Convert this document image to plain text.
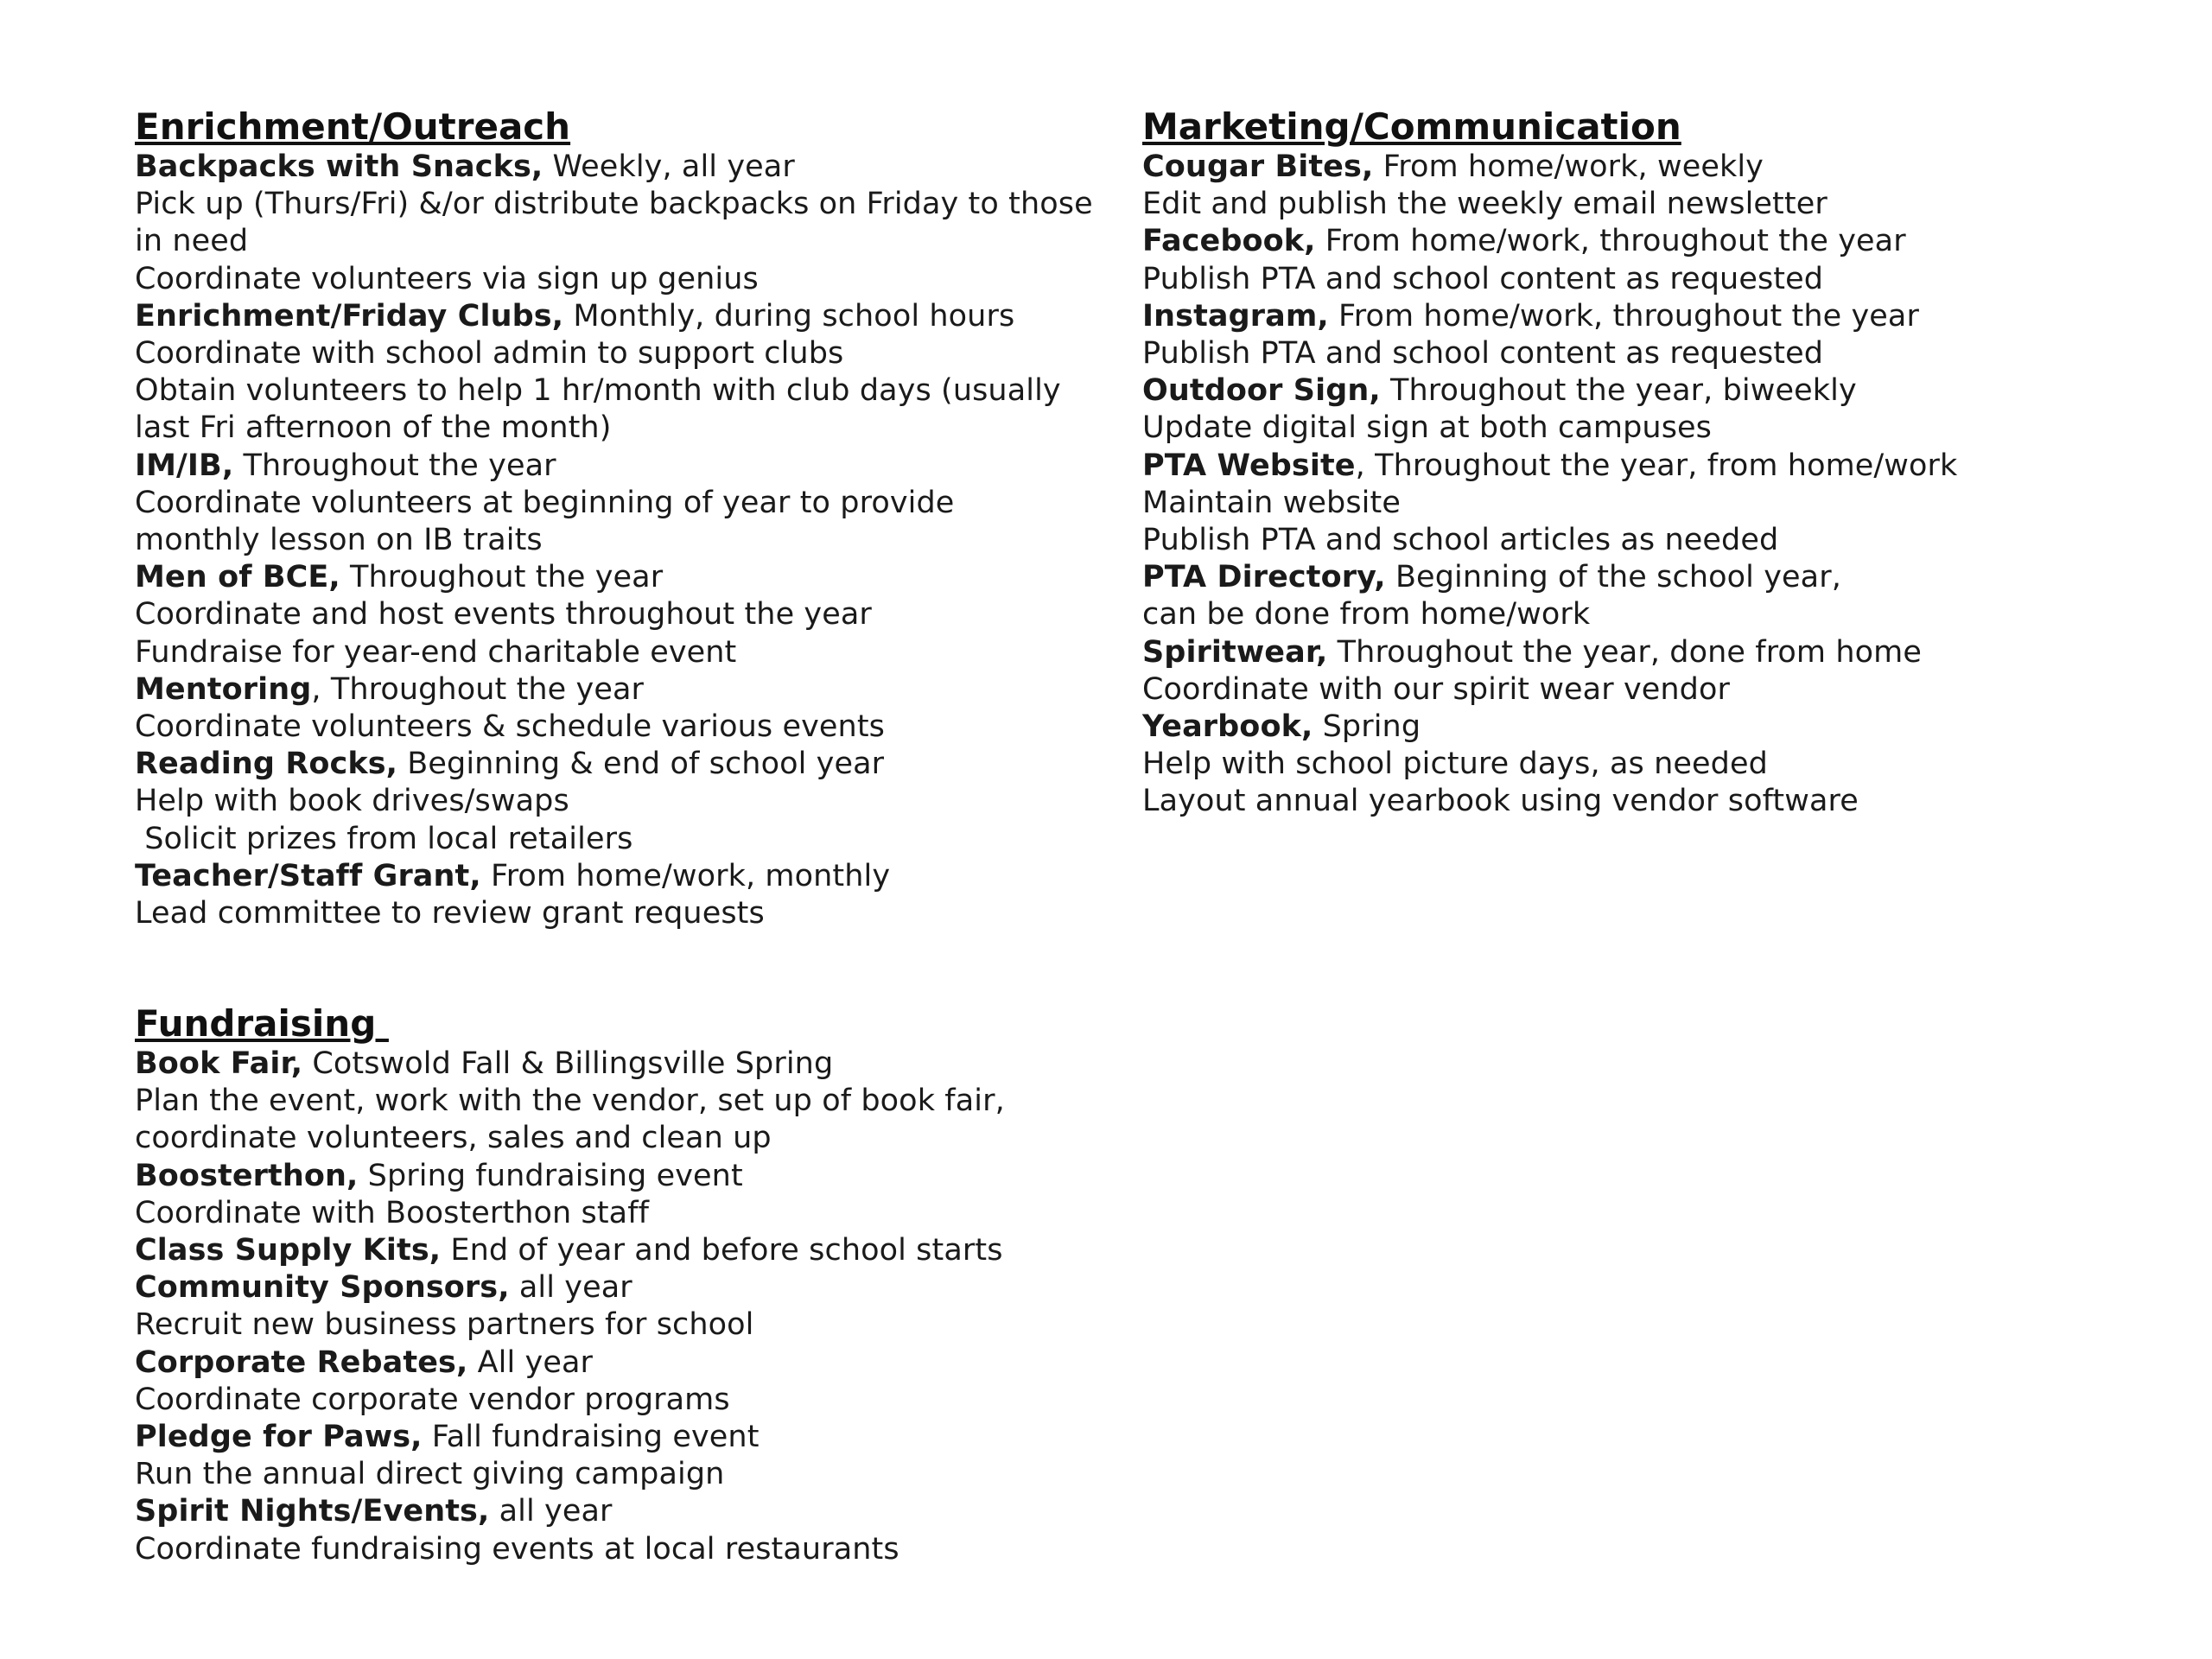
Enrichment/Outreach

Backpacks with Snacks, Weekly, all year

Pick up (Thurs/Fri) &/or distribute backpacks on Friday to those

in need

Coordinate volunteers via sign up genius

Enrichment/Friday Clubs, Monthly, during school hours

Coordinate with school admin to support clubs

Obtain volunteers to help 1 hr/month with club days (usually

last Fri afternoon of the month)

IM/IB, Throughout the year

Coordinate volunteers at beginning of year to provide

monthly lesson on IB traits

Men of BCE, Throughout the year

Coordinate and host events throughout the year

Fundraise for year-end charitable event

Mentoring, Throughout the year

Coordinate volunteers & schedule various events

Reading Rocks, Beginning & end of school year

Help with book drives/swaps

Solicit prizes from local retailers

Teacher/Staff Grant, From home/work, monthly

Lead committee to review grant requests

Fundraising

Book Fair, Cotswold Fall & Billingsville Spring

Plan the event, work with the vendor, set up of book fair,

coordinate volunteers, sales and clean up

Boosterthon, Spring fundraising event

Coordinate with Boosterthon staff

Class Supply Kits, End of year and before school starts

Community Sponsors, all year

Recruit new business partners for school

Corporate Rebates, All year

Coordinate corporate vendor programs

Pledge for Paws, Fall fundraising event

Run the annual direct giving campaign

Spirit Nights/Events, all year

Coordinate fundraising events at local restaurants

Marketing/Communication

Cougar Bites, From home/work, weekly

Edit and publish the weekly email newsletter

Facebook, From home/work, throughout the year

Publish PTA and school content as requested

Instagram, From home/work, throughout the year

Publish PTA and school content as requested

Outdoor Sign, Throughout the year, biweekly

Update digital sign at both campuses

PTA Website, Throughout the year, from home/work

Maintain website

Publish PTA and school articles as needed

PTA Directory, Beginning of the school year,

can be done from home/work

Spiritwear, Throughout the year, done from home

Coordinate with our spirit wear vendor

Yearbook, Spring

Help with school picture days, as needed

Layout annual yearbook using vendor software
